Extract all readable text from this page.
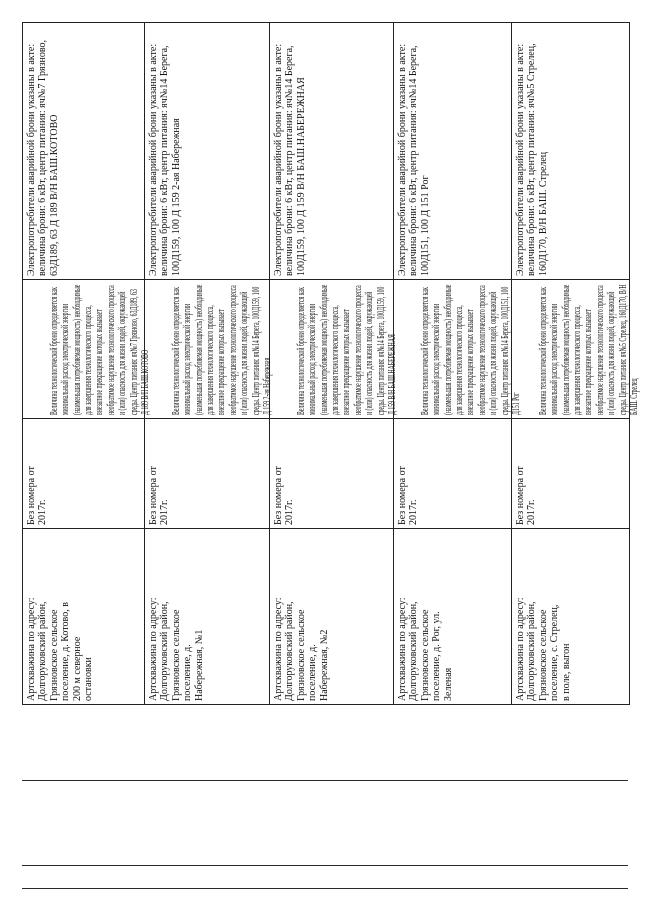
Артскважина по адресу:
Долгоруковский район,
Грязновское сельское
поселение, д. Котово, в
200 м северное
остановки
Без номера от
2017г.

Величина технологической брони определяется как
минимальный расход электрической энергии
(наименьшая потребляемая мощность) необходимые
для завершения технологического процесса,
внезапное прекращение которых вызывает
необратимое нарушение технологического процесса
и (или) опасность для жизни людей, окружающей
среды. Центр питания: яч№7 Грязново, 63Д189, 63
Д 189 В/Н БАШ.КОТОВО

Электропотребители аварийной брони указаны в акте:
величина брони: 6 кВт, центр питания: яч№7 Грязново,
63Д189, 63 Д 189 В/Н БАШ.КОТОВО
Артскважина по адресу:
Долгоруковский район,
Грязновское сельское
поселение, д.
Набережная, №1
Без номера от
2017г.

Величина технологической брони определяется как
минимальный расход электрической энергии
(наименьшая потребляемая мощность) необходимые
для завершения технологического процесса,
внезапное прекращение которых вызывает
необратимое нарушение технологического процесса
и (или) опасность для жизни людей, окружающей
среды. Центр питания: яч№14 Берега, 100Д159, 100
Д 159 2-ая Набережная

Электропотребители аварийной брони указаны в акте:
величина брони: 6 кВт, центр питания: яч№14 Берега,
100Д159, 100 Д 159 2-ая Набережная
Артскважина по адресу:
Долгоруковский район,
Грязновское сельское
поселение, д.
Набережная, №2
Без номера от
2017г.

Величина технологической брони определяется как
минимальный расход электрической энергии
(наименьшая потребляемая мощность) необходимые
для завершения технологического процесса,
внезапное прекращение которых вызывает
необратимое нарушение технологического процесса
и (или) опасность для жизни людей, окружающей
среды. Центр питания: яч№14 Берега, 100Д159, 100
Д 159 В/Н БАШ.НАБЕРЕЖНАЯ

Электропотребители аварийной брони указаны в акте:
величина брони: 6 кВт, центр питания: яч№14 Берега,
100Д159, 100 Д 159 В/Н БАШ.НАБЕРЕЖНАЯ
Артскважина по адресу:
Долгоруковский район,
Грязновское сельское
поселение, д. Рог, ул.
Зеленая
Без номера от
2017г.

Величина технологической брони определяется как
минимальный расход электрической энергии
(наименьшая потребляемая мощность) необходимые
для завершения технологического процесса,
внезапное прекращение которых вызывает
необратимое нарушение технологического процесса
и (или) опасность для жизни людей, окружающей
среды. Центр питания: яч№14 Берега, 100Д151, 100
Д151 Рог

Электропотребители аварийной брони указаны в акте:
величина брони: 6 кВт, центр питания: яч№14 Берега,
100Д151, 100 Д 151 Рог
Артскважина по адресу:
Долгоруковский район,
Грязновское сельское
поселение, с. Стрелец,
в поле, выгон
Без номера от
2017г.

Величина технологической брони определяется как
минимальный расход электрической энергии
(наименьшая потребляемая мощность) необходимые
для завершения технологического процесса,
внезапное прекращение которых вызывает
необратимое нарушение технологического процесса
и (или) опасность для жизни людей, окружающей
среды. Центр питания: яч№5 Стрелец, 160Д170, В/Н
БАШ. Стрелец

Электропотребители аварийной брони указаны в акте:
величина брони: 6 кВт, центр питания: яч№5 Стрелец,
160Д170, В/Н БАШ. Стрелец
